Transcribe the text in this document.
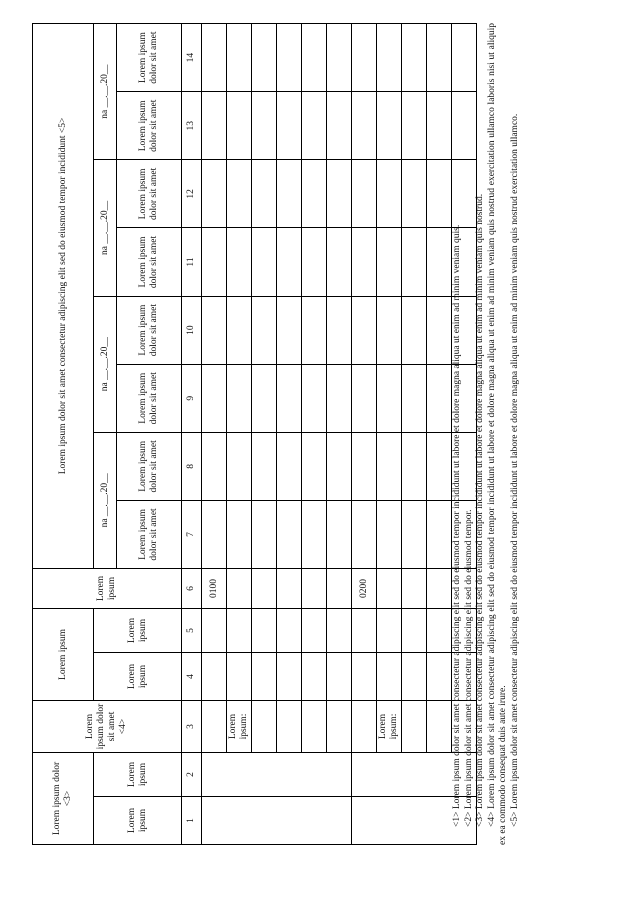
Lorem ipsum dolor <3>		Lorem ipsum dolor sit amet <4>	Lorem ipsum		Lorem ipsum	Lorem ipsum dolor sit amet consectetur adipiscing elit sed do eiusmod tempor incididunt <5>							
Lorem ipsum	Lorem ipsum		Lorem ipsum	Lorem ipsum		na __.__.20__		na __.__.20__		na __.__.20__		na __.__.20__	
						Lorem ipsum dolor sit amet	Lorem ipsum dolor sit amet	Lorem ipsum dolor sit amet	Lorem ipsum dolor sit amet	Lorem ipsum dolor sit amet	Lorem ipsum dolor sit amet	Lorem ipsum dolor sit amet	Lorem ipsum dolor sit amet
1	2	3	4	5	6	7	8	9	10	11	12	13	14
					0100								
		Lorem ipsum:											

					0200								
		Lorem ipsum:											

												<1> Lorem ipsum dolor sit amet consectetur adipiscing elit sed do eiusmod tempor incididunt ut labore et dolore magna aliqua ut enim ad minim veniam quis. <2> Lorem ipsum dolor sit amet consectetur adipiscing elit sed do eiusmod tempor. <3> Lorem ipsum dolor sit amet consectetur adipiscing elit sed do eiusmod tempor incididunt ut labore et dolore magna aliqua ut enim ad minim veniam quis nostrud. <4> Lorem ipsum dolor sit amet consectetur adipiscing elit sed do eiusmod tempor incididunt ut labore et dolore magna aliqua ut enim ad minim veniam quis nostrud exercitation ullamco laboris nisi ut aliquip ex ea commodo consequat duis aute irure. <5> Lorem ipsum dolor sit amet consectetur adipiscing elit sed do eiusmod tempor incididunt ut labore et dolore magna aliqua ut enim ad minim veniam quis nostrud exercitation ullamco.
